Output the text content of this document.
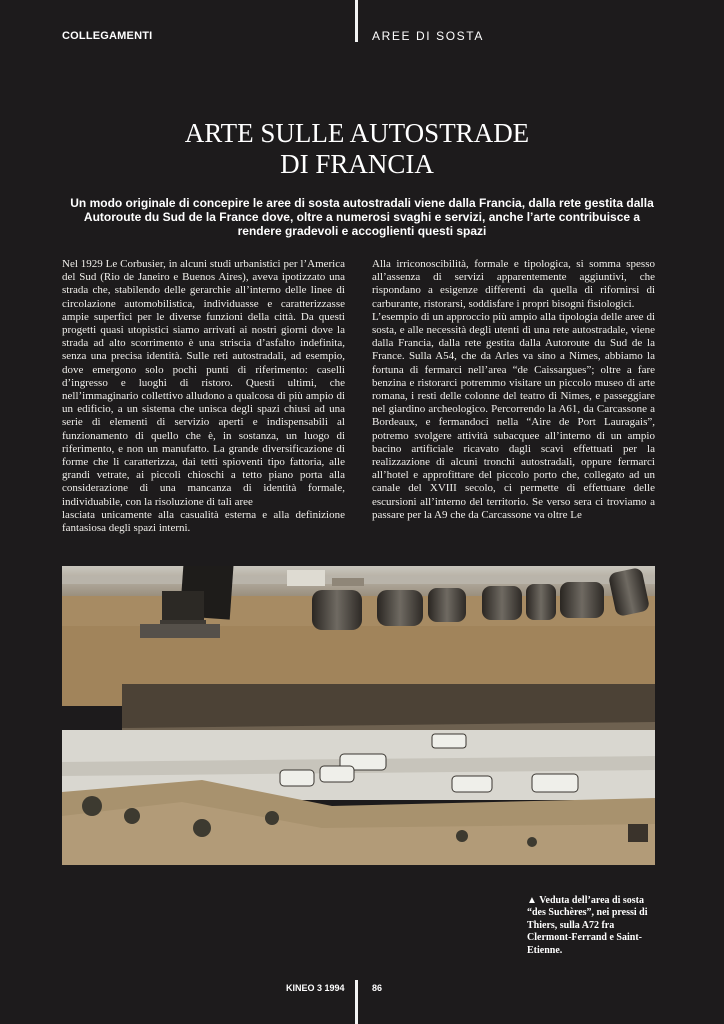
COLLEGAMENTI	AREE DI SOSTA
ARTE SULLE AUTOSTRADE
DI FRANCIA

Un modo originale di concepire le aree di sosta autostradali viene dalla Francia, dalla rete gestita dalla Autoroute du Sud de la France dove, oltre a numerosi svaghi e servizi, anche l’arte contribuisce a rendere gradevoli e accoglienti questi spazi

Nel 1929 Le Corbusier, in alcuni studi urbanistici per l’America del Sud (Rio de Janeiro e Buenos Aires), aveva ipotizzato una strada che, stabilendo delle gerarchie all’interno delle linee di circolazione automobilistica, individuasse e caratterizzasse ampie superfici per le diverse funzioni della città. Da questi progetti quasi utopistici siamo arrivati ai nostri giorni dove la strada ad alto scorrimento è una striscia d’asfalto indefinita, senza una precisa identità. Sulle reti autostradali, ad esempio, dove emergono solo pochi punti di riferimento: caselli d’ingresso e luoghi di ristoro. Questi ultimi, che nell’immaginario collettivo alludono a qualcosa di più ampio di un edificio, a un sistema che unisca degli spazi chiusi ad una serie di elementi di servizio aperti e indispensabili al funzionamento di quello che è, in sostanza, un luogo di riferimento, e non un manufatto. La grande diversificazione di forme che li caratterizza, dai tetti spioventi tipo fattoria, alle grandi vetrate, ai piccoli chioschi a tetto piano porta alla considerazione di una mancanza di identità formale, individuabile, con la risoluzione di tali aree

lasciata unicamente alla casualità esterna e alla definizione fantasiosa degli spazi interni.

Alla irriconoscibilità, formale e tipologica, si somma spesso all’assenza di servizi apparentemente aggiuntivi, che rispondano a esigenze differenti da quella di rifornirsi di carburante, ristorarsi, soddisfare i propri bisogni fisiologici.

L’esempio di un approccio più ampio alla tipologia delle aree di sosta, e alle necessità degli utenti di una rete autostradale, viene dalla Francia, dalla rete gestita dalla Autoroute du Sud de la France. Sulla A54, che da Arles va sino a Nimes, abbiamo la fortuna di fermarci nell’area “de Caissargues”; oltre a fare benzina e ristorarci potremmo visitare un piccolo museo di arte romana, i resti delle colonne del teatro di Nimes, e passeggiare nel giardino archeologico. Percorrendo la A61, da Carcassone a Bordeaux, e fermandoci nella “Aire de Port Lauragais”, potremo svolgere attività subacquee all’interno di un ampio bacino artificiale ricavato dagli scavi effettuati per la realizzazione di alcuni tronchi autostradali, oppure fermarci all’hotel e approfittare del piccolo porto che, collegato ad un canale del XVIII secolo, ci permette di effettuare delle escursioni all’interno del territorio. Se verso sera ci troviamo a passare per la A9 che da Carcassone va oltre Le

▲ Veduta dell’area di sosta “des Suchères”, nei pressi di Thiers, sulla A72 fra Clermont-Ferrand e Saint-Etienne.

KINEO 3 1994	86
